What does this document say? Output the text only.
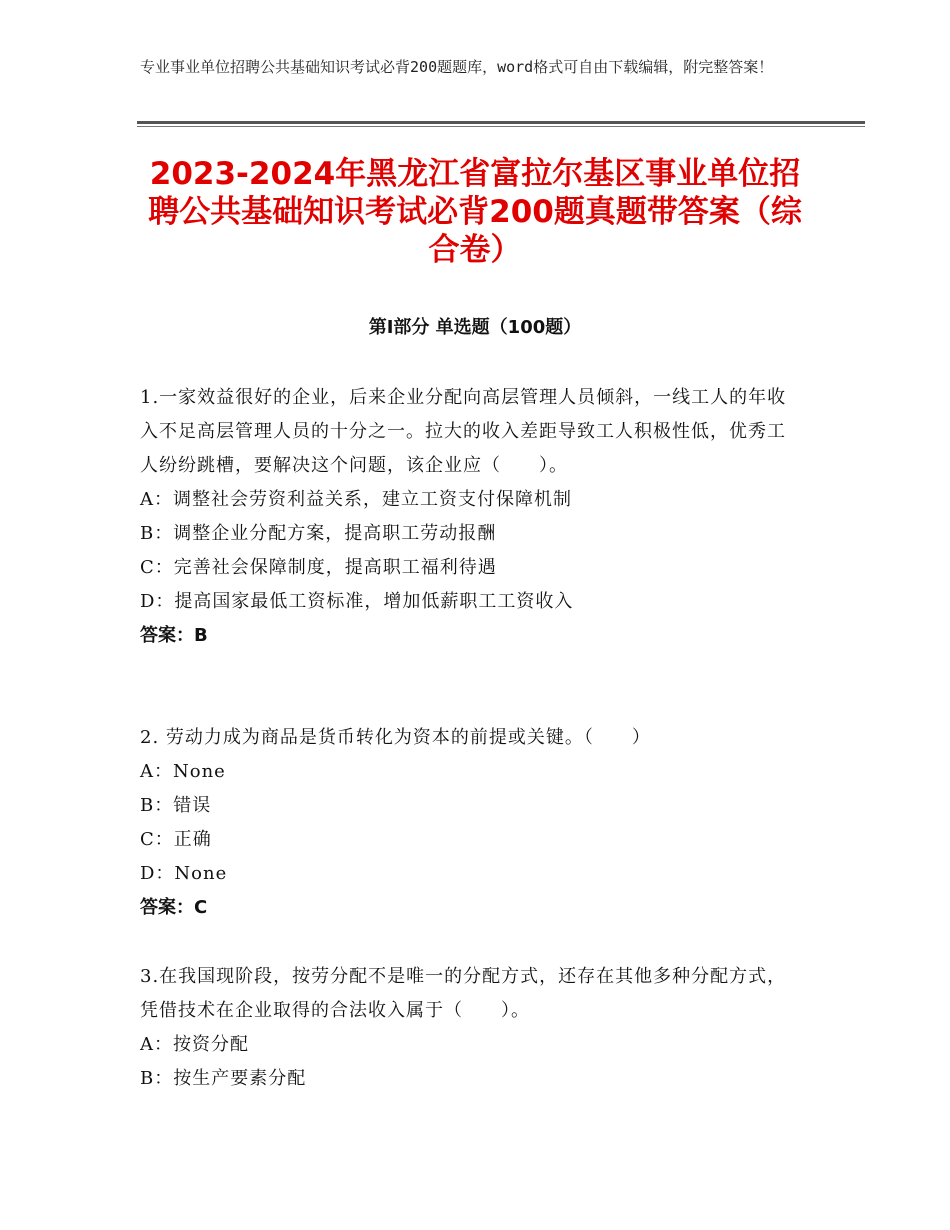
专业事业单位招聘公共基础知识考试必背200题题库，word格式可自由下载编辑，附完整答案！
2023-2024年黑龙江省富拉尔基区事业单位招聘公共基础知识考试必背200题真题带答案（综合卷）
第Ⅰ部分 单选题（100题）

1.一家效益很好的企业，后来企业分配向高层管理人员倾斜，一线工人的年收入不足高层管理人员的十分之一。拉大的收入差距导致工人积极性低，优秀工人纷纷跳槽，要解决这个问题，该企业应（　　）。

A：调整社会劳资利益关系，建立工资支付保障机制

B：调整企业分配方案，提高职工劳动报酬

C：完善社会保障制度，提高职工福利待遇

D：提高国家最低工资标准，增加低薪职工工资收入

答案：B

2. 劳动力成为商品是货币转化为资本的前提或关键。（　　）

A：None

B：错误

C：正确

D：None

答案：C

3.在我国现阶段，按劳分配不是唯一的分配方式，还存在其他多种分配方式，凭借技术在企业取得的合法收入属于（　　）。

A：按资分配

B：按生产要素分配
